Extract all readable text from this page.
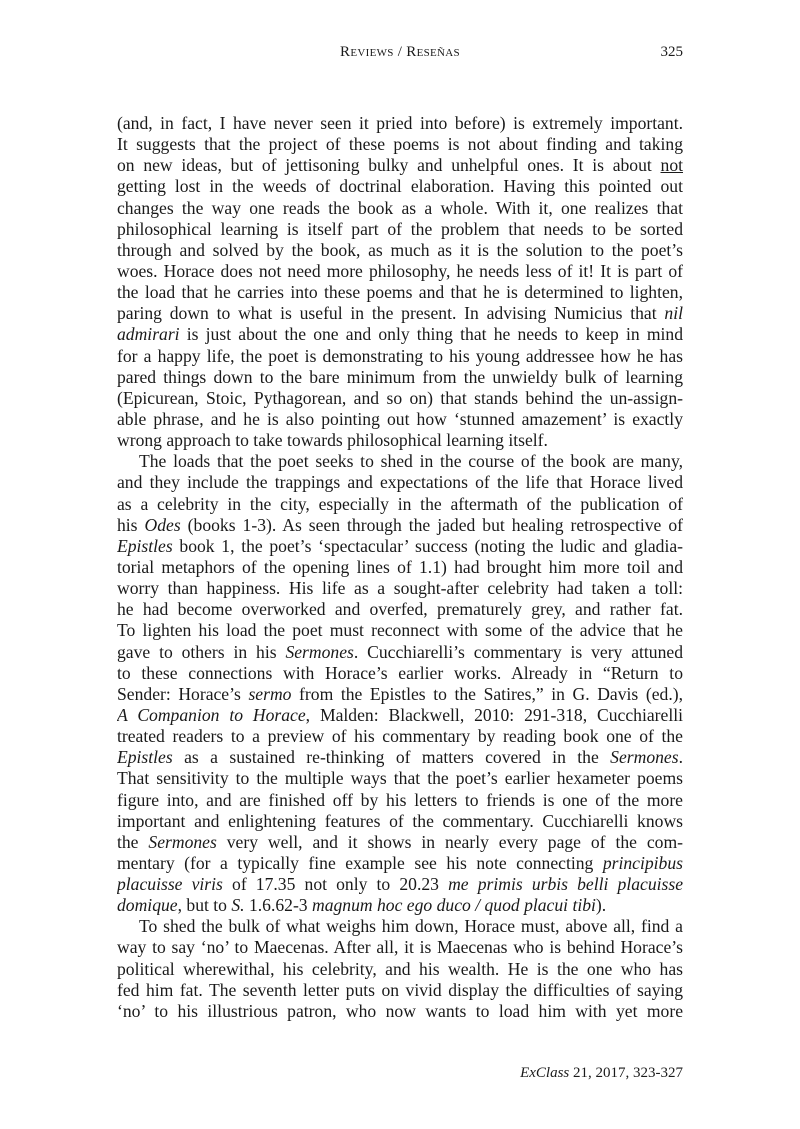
Reviews / Reseñas	325
(and, in fact, I have never seen it pried into before) is extremely important.
It suggests that the project of these poems is not about finding and taking
on new ideas, but of jettisoning bulky and unhelpful ones. It is about not
getting lost in the weeds of doctrinal elaboration. Having this pointed out
changes the way one reads the book as a whole. With it, one realizes that
philosophical learning is itself part of the problem that needs to be sorted
through and solved by the book, as much as it is the solution to the poet’s
woes. Horace does not need more philosophy, he needs less of it! It is part of
the load that he carries into these poems and that he is determined to lighten,
paring down to what is useful in the present. In advising Numicius that nil
admirari is just about the one and only thing that he needs to keep in mind
for a happy life, the poet is demonstrating to his young addressee how he has
pared things down to the bare minimum from the unwieldy bulk of learning
(Epicurean, Stoic, Pythagorean, and so on) that stands behind the un-assign-
able phrase, and he is also pointing out how ‘stunned amazement’ is exactly
wrong approach to take towards philosophical learning itself.
The loads that the poet seeks to shed in the course of the book are many,
and they include the trappings and expectations of the life that Horace lived
as a celebrity in the city, especially in the aftermath of the publication of
his Odes (books 1-3). As seen through the jaded but healing retrospective of
Epistles book 1, the poet’s ‘spectacular’ success (noting the ludic and gladia-
torial metaphors of the opening lines of 1.1) had brought him more toil and
worry than happiness. His life as a sought-after celebrity had taken a toll:
he had become overworked and overfed, prematurely grey, and rather fat.
To lighten his load the poet must reconnect with some of the advice that he
gave to others in his Sermones. Cucchiarelli’s commentary is very attuned
to these connections with Horace’s earlier works. Already in “Return to
Sender: Horace’s sermo from the Epistles to the Satires,” in G. Davis (ed.),
A Companion to Horace, Malden: Blackwell, 2010: 291-318, Cucchiarelli
treated readers to a preview of his commentary by reading book one of the
Epistles as a sustained re-thinking of matters covered in the Sermones.
That sensitivity to the multiple ways that the poet’s earlier hexameter poems
figure into, and are finished off by his letters to friends is one of the more
important and enlightening features of the commentary. Cucchiarelli knows
the Sermones very well, and it shows in nearly every page of the com-
mentary (for a typically fine example see his note connecting principibus
placuisse viris of 17.35 not only to 20.23 me primis urbis belli placuisse
domique, but to S. 1.6.62-3 magnum hoc ego duco / quod placui tibi).
To shed the bulk of what weighs him down, Horace must, above all, find a
way to say ‘no’ to Maecenas. After all, it is Maecenas who is behind Horace’s
political wherewithal, his celebrity, and his wealth. He is the one who has
fed him fat. The seventh letter puts on vivid display the difficulties of saying
‘no’ to his illustrious patron, who now wants to load him with yet more
ExClass 21, 2017, 323-327
